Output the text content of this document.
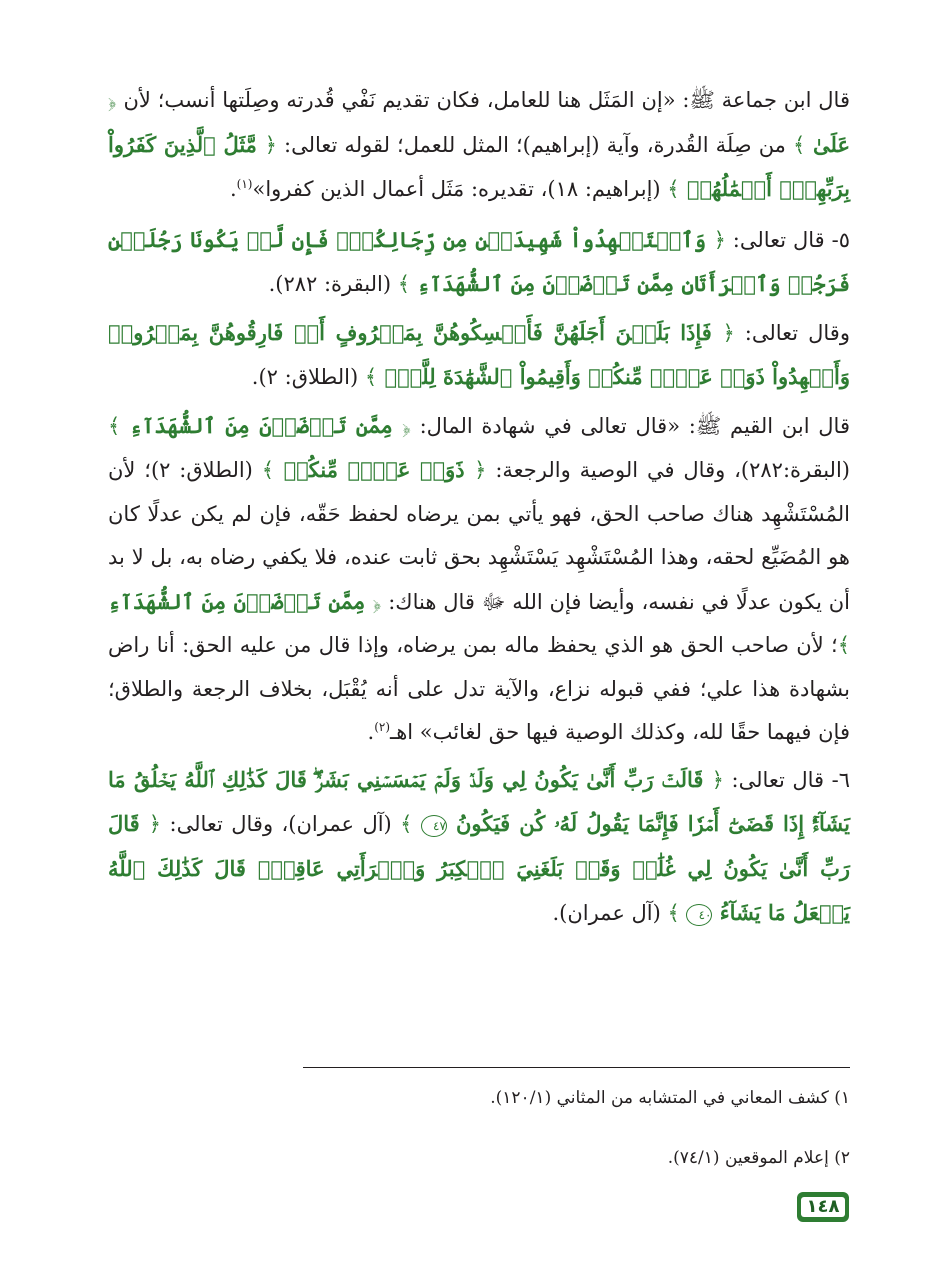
قال ابن جماعة ﷺ: «إن المَثَل هنا للعامل، فكان تقديم نَفْي قُدرته وصِلَتها أنسب؛ لأن ﴿ عَلَىٰ ﴾ من صِلَة القُدرة، وآية (إبراهيم)؛ المثل للعمل؛ لقوله تعالى: ﴿ مَّثَلُ ٱلَّذِينَ كَفَرُواْ بِرَبِّهِمْۖ أَعۡمَٰلُهُمۡ ﴾ (إبراهيم: ١٨)، تقديره: مَثَل أعمال الذين كفروا»$^{(١)}$.

٥- قال تعالى: ﴿ وَٱسۡتَشۡهِدُواْ شَهِيدَيۡنِ مِن رِّجَالِكُمۡۖ فَإِن لَّمۡ يَكُونَا رَجُلَيۡنِ فَرَجُلٞ وَٱمۡرَأَتَانِ مِمَّن تَرۡضَوۡنَ مِنَ ٱلشُّهَدَآءِ ﴾ (البقرة: ٢٨٢).

وقال تعالى: ﴿ فَإِذَا بَلَغۡنَ أَجَلَهُنَّ فَأَمۡسِكُوهُنَّ بِمَعۡرُوفٍ أَوۡ فَارِقُوهُنَّ بِمَعۡرُوفٖ وَأَشۡهِدُواْ ذَوَيۡ عَدۡلٖ مِّنكُمۡ وَأَقِيمُواْ ٱلشَّهَٰدَةَ لِلَّهِۚ ﴾ (الطلاق: ٢).

قال ابن القيم ﷺ: «قال تعالى في شهادة المال: ﴿ مِمَّن تَرۡضَوۡنَ مِنَ ٱلشُّهَدَآءِ ﴾ (البقرة:٢٨٢)، وقال في الوصية والرجعة: ﴿ ذَوَيۡ عَدۡلٖ مِّنكُمۡ ﴾ (الطلاق: ٢)؛ لأن المُسْتَشْهِد هناك صاحب الحق، فهو يأتي بمن يرضاه لحفظ حَقّه، فإن لم يكن عدلًا كان هو المُضَيِّع لحقه، وهذا المُسْتَشْهِد يَسْتَشْهِد بحق ثابت عنده، فلا يكفي رضاه به، بل لا بد أن يكون عدلًا في نفسه، وأيضا فإن الله ﷻ قال هناك: ﴿ مِمَّن تَرۡضَوۡنَ مِنَ ٱلشُّهَدَآءِ ﴾؛ لأن صاحب الحق هو الذي يحفظ ماله بمن يرضاه، وإذا قال من عليه الحق: أنا راض بشهادة هذا علي؛ ففي قبوله نزاع، والآية تدل على أنه يُقْبَل، بخلاف الرجعة والطلاق؛ فإن فيهما حقًا لله، وكذلك الوصية فيها حق لغائب» اهـ$^{(٢)}$.

٦- قال تعالى: ﴿ قَالَتۡ رَبِّ أَنَّىٰ يَكُونُ لِي وَلَدٞ وَلَمۡ يَمۡسَسۡنِي بَشَرٞۖ قَالَ كَذَٰلِكِ ٱللَّهُ يَخۡلُقُ مَا يَشَآءُۚ إِذَا قَضَىٰٓ أَمۡرٗا فَإِنَّمَا يَقُولُ لَهُۥ كُن فَيَكُونُ ٤٧ ﴾ (آل عمران)، وقال تعالى: ﴿ قَالَ رَبِّ أَنَّىٰ يَكُونُ لِي غُلَٰمٞ وَقَدۡ بَلَغَنِيَ ٱلۡكِبَرُ وَٱمۡرَأَتِي عَاقِرٞۖ قَالَ كَذَٰلِكَ ٱللَّهُ يَفۡعَلُ مَا يَشَآءُ ٤٠ ﴾ (آل عمران).

١) كشف المعاني في المتشابه من المثاني (١٢٠/١).

٢) إعلام الموقعين (٧٤/١).

١٤٨
